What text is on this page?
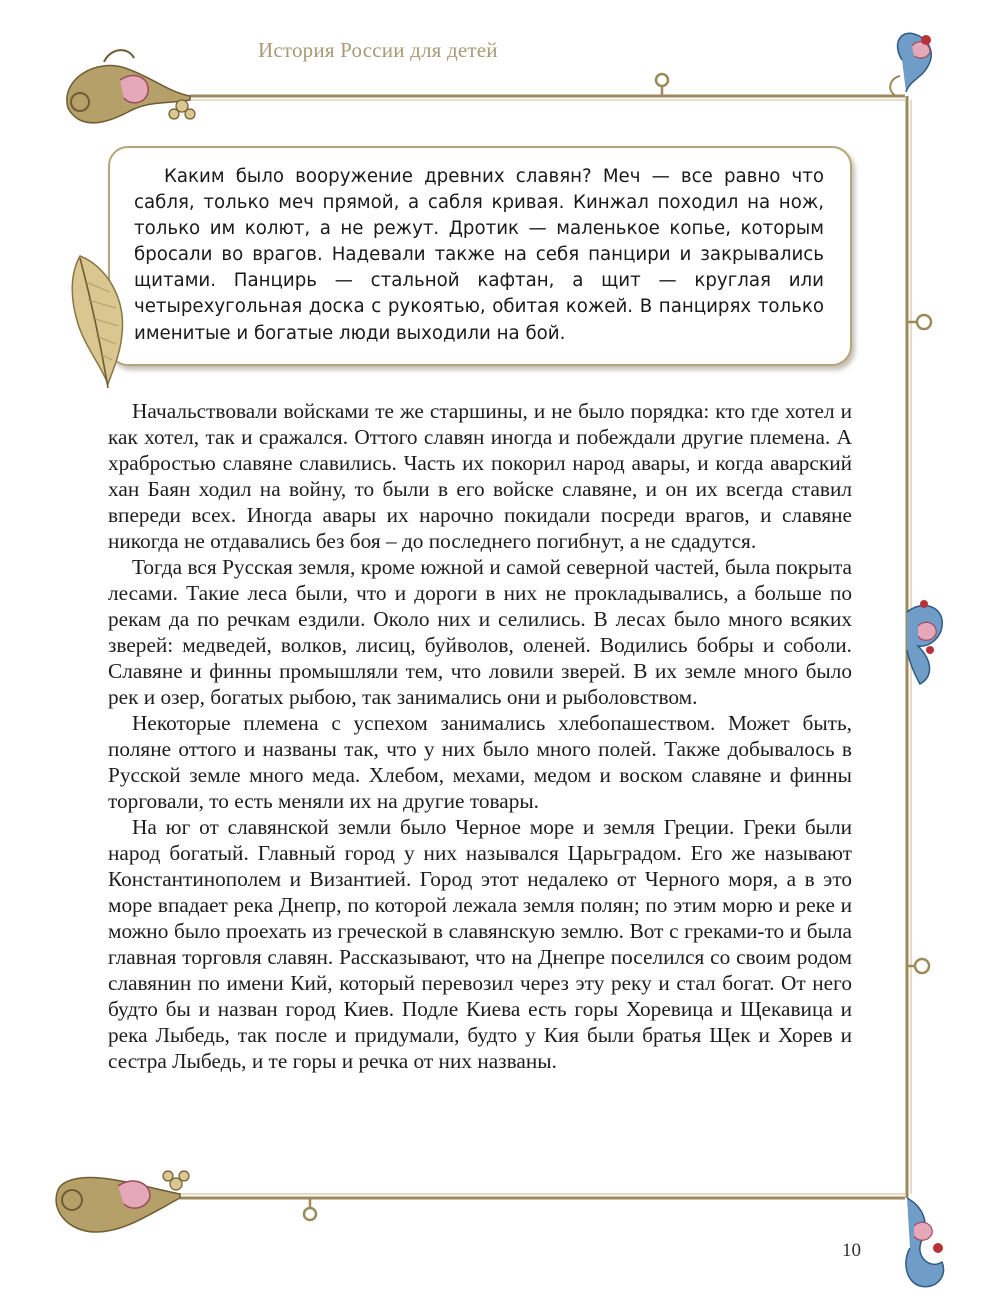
История России для детей

Каким было вооружение древних славян? Меч — все равно что сабля, только меч прямой, а сабля кривая. Кинжал походил на нож, только им колют, а не режут. Дротик — маленькое копье, которым бросали во врагов. Надевали также на себя панцири и закрывались щитами. Панцирь — стальной кафтан, а щит — круглая или четырехугольная доска с рукоятью, обитая кожей. В панцирях только именитые и богатые люди выходили на бой.

Начальствовали войсками те же старшины, и не было порядка: кто где хотел и как хотел, так и сражался. Оттого славян иногда и побеждали другие племена. А храбростью славяне славились. Часть их покорил народ авары, и когда аварский хан Баян ходил на войну, то были в его войске славяне, и он их всегда ставил впереди всех. Иногда авары их нарочно покидали посреди врагов, и славяне никогда не отдавались без боя – до последнего погибнут, а не сдадутся.

Тогда вся Русская земля, кроме южной и самой северной частей, была покрыта лесами. Такие леса были, что и дороги в них не прокладывались, а больше по рекам да по речкам ездили. Около них и селились. В лесах было много всяких зверей: медведей, волков, лисиц, буйволов, оленей. Водились бобры и соболи. Славяне и финны промышляли тем, что ловили зверей. В их земле много было рек и озер, богатых рыбою, так занимались они и рыболовством.

Некоторые племена с успехом занимались хлебопашеством. Может быть, поляне оттого и названы так, что у них было много полей. Также добывалось в Русской земле много меда. Хлебом, мехами, медом и воском славяне и финны торговали, то есть меняли их на другие товары.

На юг от славянской земли было Черное море и земля Греции. Греки были народ богатый. Главный город у них назывался Царьградом. Его же называют Константинополем и Византией. Город этот недалеко от Черного моря, а в это море впадает река Днепр, по которой лежала земля полян; по этим морю и реке и можно было проехать из греческой в славянскую землю. Вот с греками-то и была главная торговля славян. Рассказывают, что на Днепре поселился со своим родом славянин по имени Кий, который перевозил через эту реку и стал богат. От него будто бы и назван город Киев. Подле Киева есть горы Хоревица и Щекавица и река Лыбедь, так после и придумали, будто у Кия были братья Щек и Хорев и сестра Лыбедь, и те горы и речка от них названы.

10
